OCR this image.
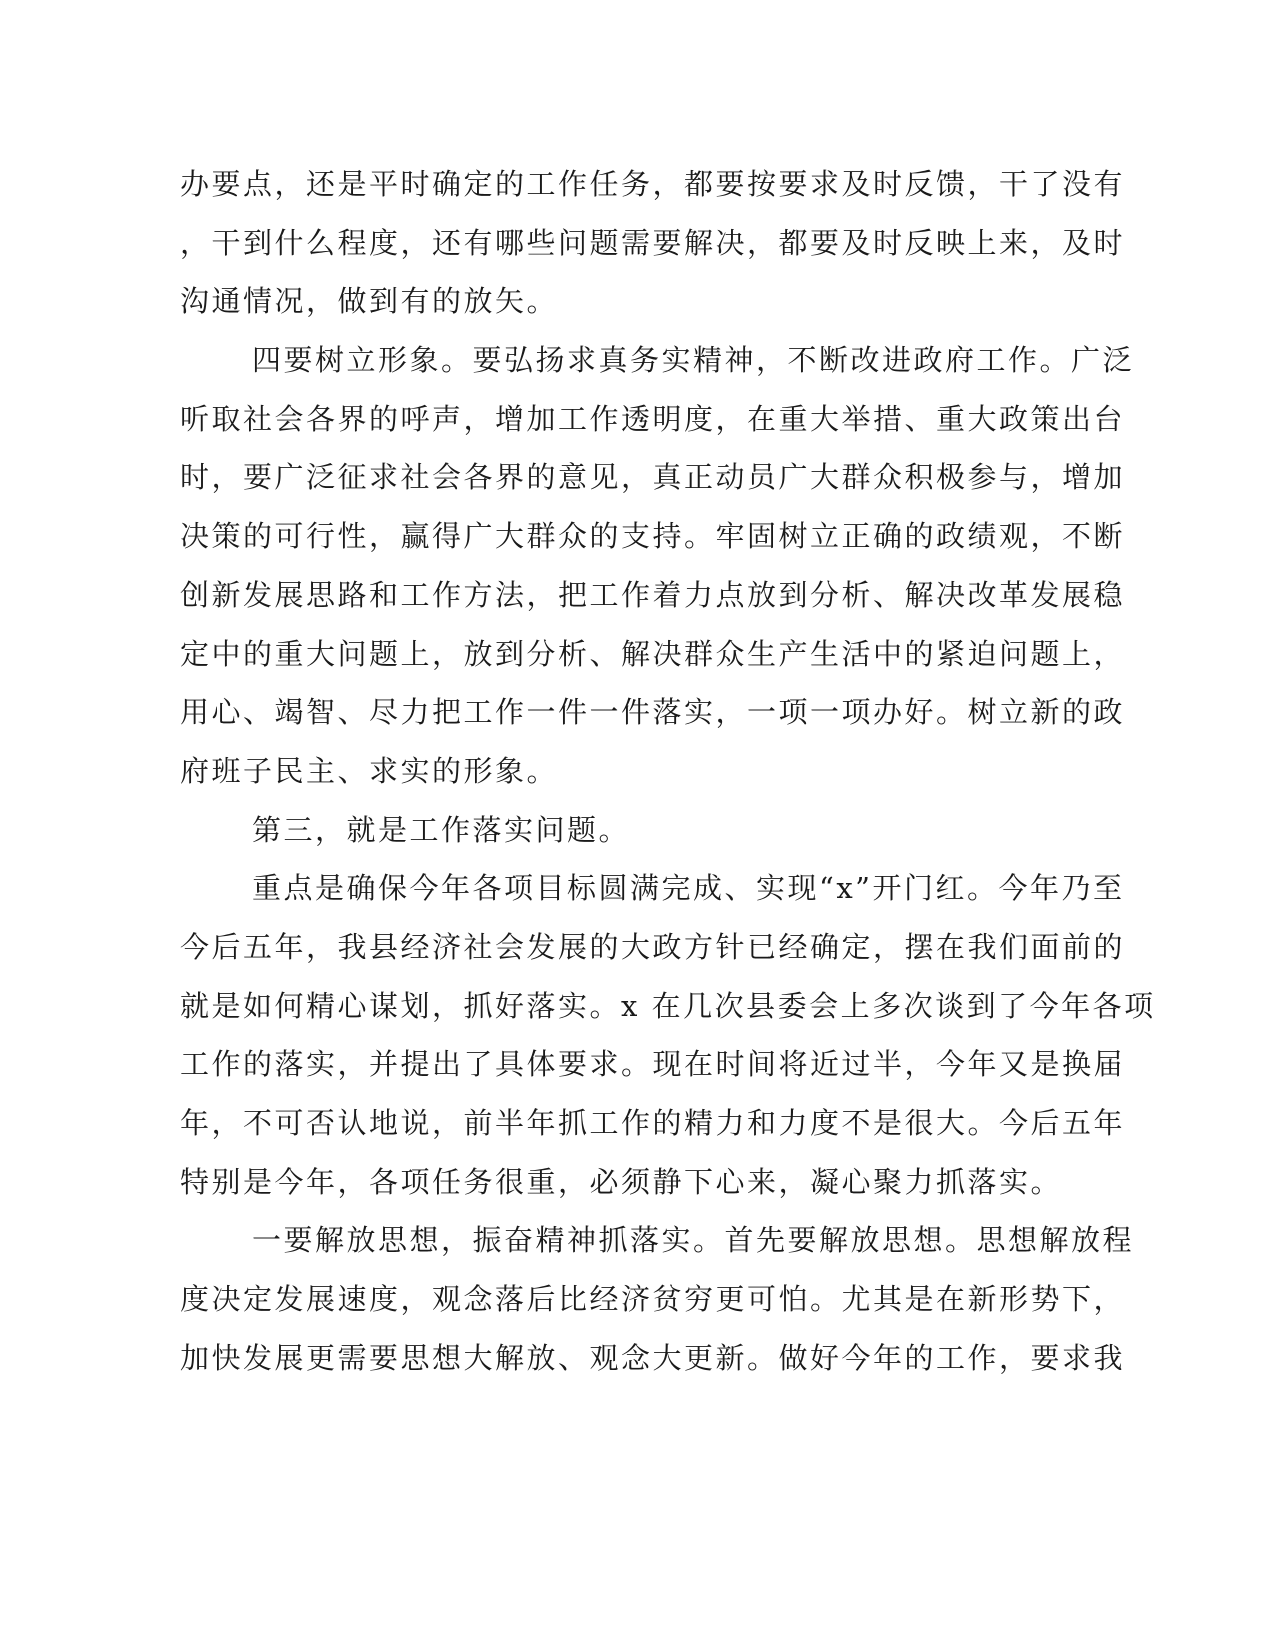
办要点，还是平时确定的工作任务，都要按要求及时反馈，干了没有
，干到什么程度，还有哪些问题需要解决，都要及时反映上来，及时
沟通情况，做到有的放矢。
四要树立形象。要弘扬求真务实精神，不断改进政府工作。广泛
听取社会各界的呼声，增加工作透明度，在重大举措、重大政策出台
时，要广泛征求社会各界的意见，真正动员广大群众积极参与，增加
决策的可行性，赢得广大群众的支持。牢固树立正确的政绩观，不断
创新发展思路和工作方法，把工作着力点放到分析、解决改革发展稳
定中的重大问题上，放到分析、解决群众生产生活中的紧迫问题上，
用心、竭智、尽力把工作一件一件落实，一项一项办好。树立新的政
府班子民主、求实的形象。
第三，就是工作落实问题。
重点是确保今年各项目标圆满完成、实现“x”开门红。今年乃至
今后五年，我县经济社会发展的大政方针已经确定，摆在我们面前的
就是如何精心谋划，抓好落实。x 在几次县委会上多次谈到了今年各项
工作的落实，并提出了具体要求。现在时间将近过半，今年又是换届
年，不可否认地说，前半年抓工作的精力和力度不是很大。今后五年
特别是今年，各项任务很重，必须静下心来，凝心聚力抓落实。
一要解放思想，振奋精神抓落实。首先要解放思想。思想解放程
度决定发展速度，观念落后比经济贫穷更可怕。尤其是在新形势下，
加快发展更需要思想大解放、观念大更新。做好今年的工作，要求我
